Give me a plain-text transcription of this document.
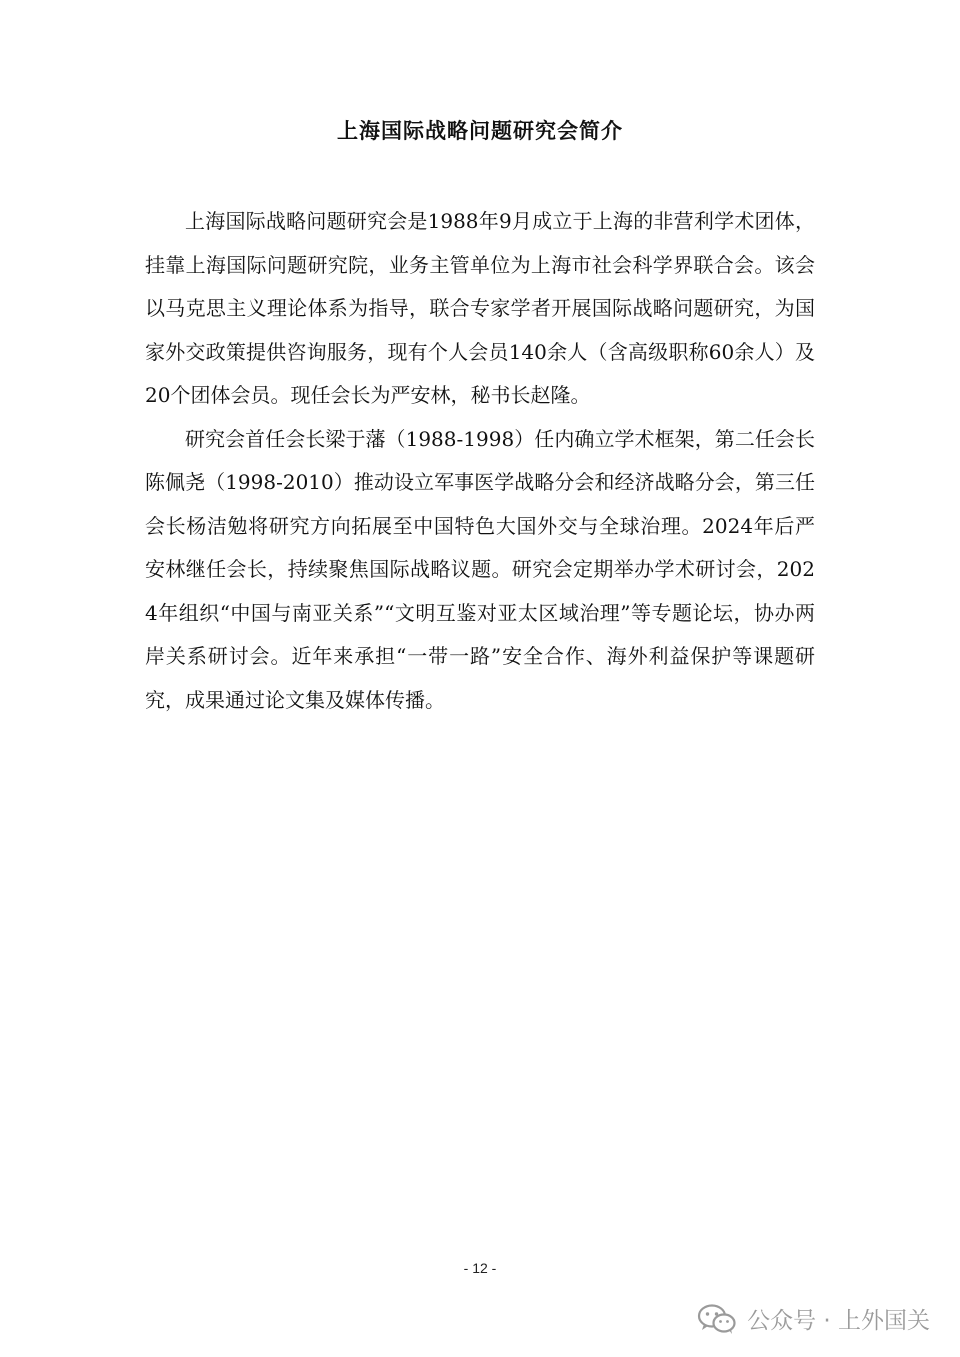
上海国际战略问题研究会简介

上海国际战略问题研究会是1988年9月成立于上海的非营利学术团体，挂靠上海国际问题研究院，业务主管单位为上海市社会科学界联合会。该会以马克思主义理论体系为指导，联合专家学者开展国际战略问题研究，为国家外交政策提供咨询服务，现有个人会员140余人（含高级职称60余人）及20个团体会员。现任会长为严安林，秘书长赵隆。

研究会首任会长梁于藩（1988-1998）任内确立学术框架，第二任会长陈佩尧（1998-2010）推动设立军事医学战略分会和经济战略分会，第三任会长杨洁勉将研究方向拓展至中国特色大国外交与全球治理。2024年后严安林继任会长，持续聚焦国际战略议题。研究会定期举办学术研讨会，2024年组织“中国与南亚关系”“文明互鉴对亚太区域治理”等专题论坛，协办两岸关系研讨会。近年来承担“一带一路”安全合作、海外利益保护等课题研究，成果通过论文集及媒体传播。

- 12 -
公众号 · 上外国关
